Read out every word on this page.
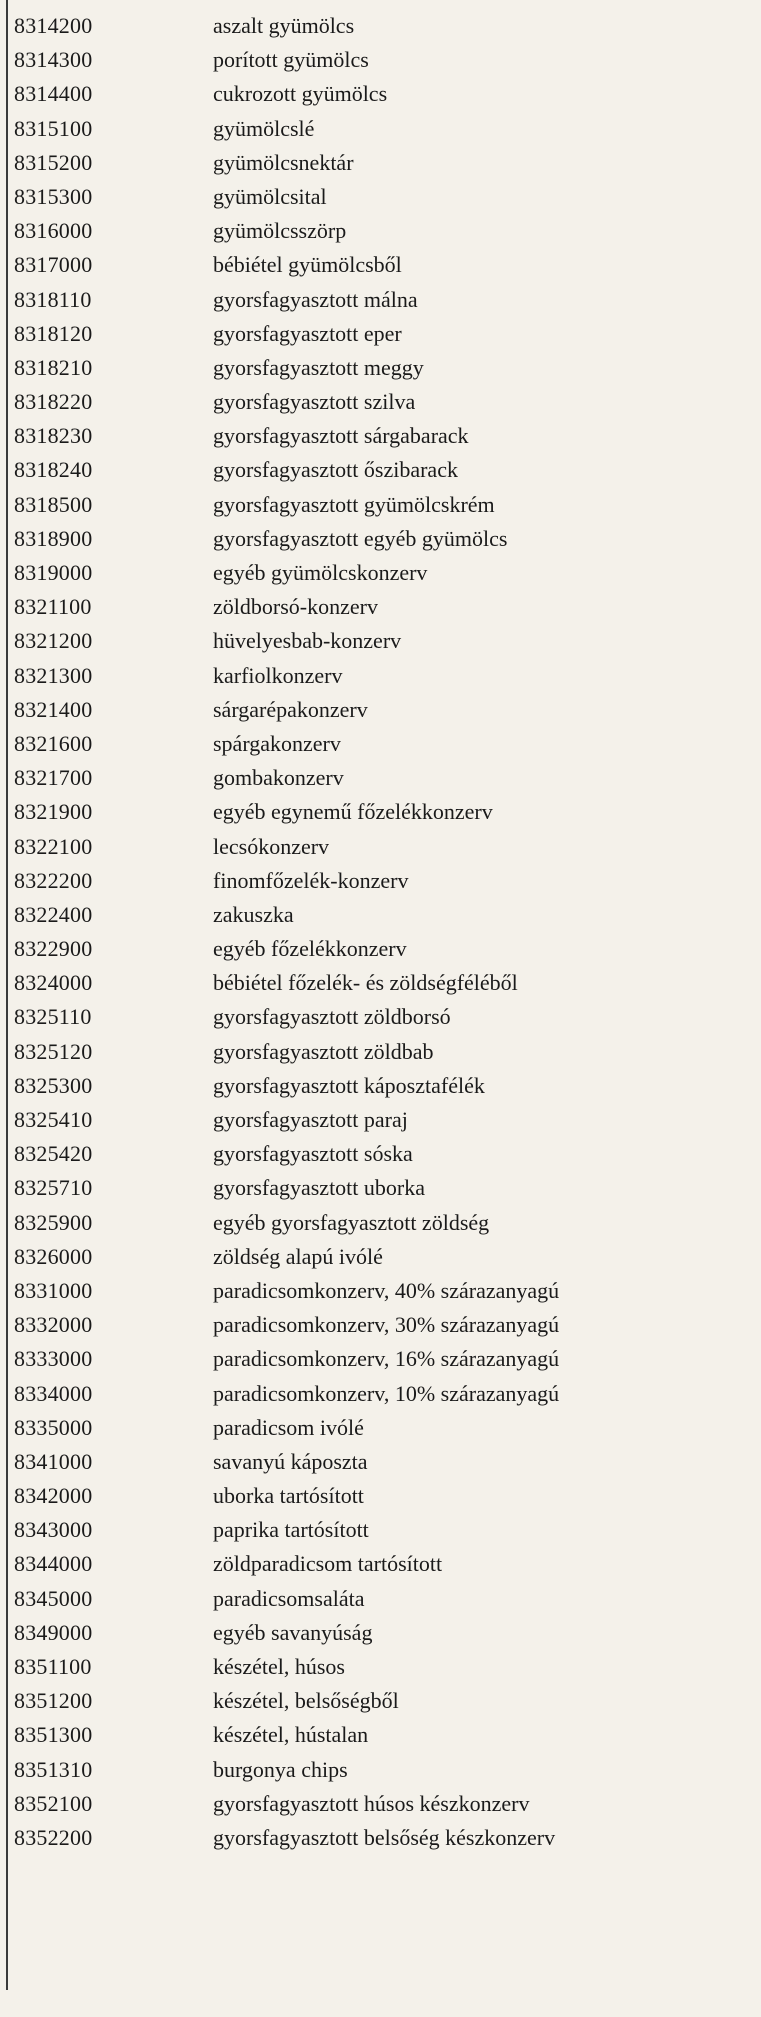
8314200	aszalt gyümölcs
8314300	porított gyümölcs
8314400	cukrozott gyümölcs
8315100	gyümölcslé
8315200	gyümölcsnektár
8315300	gyümölcsital
8316000	gyümölcsszörp
8317000	bébiétel gyümölcsből
8318110	gyorsfagyasztott málna
8318120	gyorsfagyasztott eper
8318210	gyorsfagyasztott meggy
8318220	gyorsfagyasztott szilva
8318230	gyorsfagyasztott sárgabarack
8318240	gyorsfagyasztott őszibarack
8318500	gyorsfagyasztott gyümölcskrém
8318900	gyorsfagyasztott egyéb gyümölcs
8319000	egyéb gyümölcskonzerv
8321100	zöldborsó-konzerv
8321200	hüvelyesbab-konzerv
8321300	karfiolkonzerv
8321400	sárgarépakonzerv
8321600	spárgakonzerv
8321700	gombakonzerv
8321900	egyéb egynemű főzelékkonzerv
8322100	lecsókonzerv
8322200	finomfőzelék-konzerv
8322400	zakuszka
8322900	egyéb főzelékkonzerv
8324000	bébiétel főzelék- és zöldségféléből
8325110	gyorsfagyasztott zöldborsó
8325120	gyorsfagyasztott zöldbab
8325300	gyorsfagyasztott káposztafélék
8325410	gyorsfagyasztott paraj
8325420	gyorsfagyasztott sóska
8325710	gyorsfagyasztott uborka
8325900	egyéb gyorsfagyasztott zöldség
8326000	zöldség alapú ivólé
8331000	paradicsomkonzerv, 40% szárazanyagú
8332000	paradicsomkonzerv, 30% szárazanyagú
8333000	paradicsomkonzerv, 16% szárazanyagú
8334000	paradicsomkonzerv, 10% szárazanyagú
8335000	paradicsom ivólé
8341000	savanyú káposzta
8342000	uborka tartósított
8343000	paprika tartósított
8344000	zöldparadicsom tartósított
8345000	paradicsomsaláta
8349000	egyéb savanyúság
8351100	készétel, húsos
8351200	készétel, belsőségből
8351300	készétel, hústalan
8351310	burgonya chips
8352100	gyorsfagyasztott húsos készkonzerv
8352200	gyorsfagyasztott belsőség készkonzerv
